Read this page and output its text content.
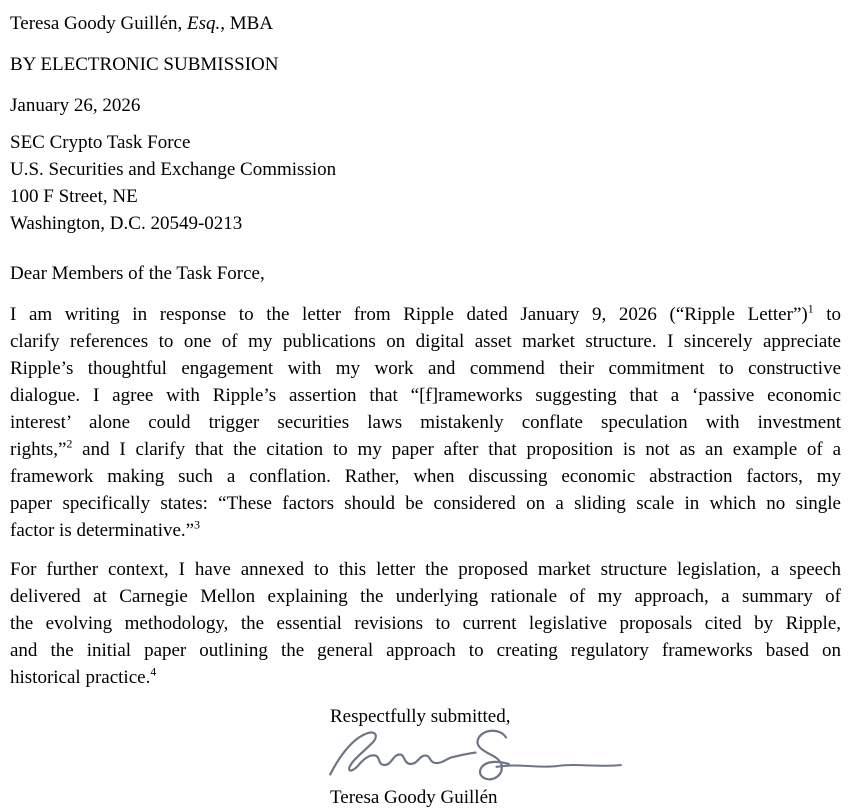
Teresa Goody Guillén, Esq., MBA
BY ELECTRONIC SUBMISSION
January 26, 2026
SEC Crypto Task Force
U.S. Securities and Exchange Commission
100 F Street, NE
Washington, D.C. 20549-0213
Dear Members of the Task Force,
I am writing in response to the letter from Ripple dated January 9, 2026 (“Ripple Letter”)$^1$ to
clarify references to one of my publications on digital asset market structure. I sincerely appreciate
Ripple’s thoughtful engagement with my work and commend their commitment to constructive
dialogue. I agree with Ripple’s assertion that “[f]rameworks suggesting that a ‘passive economic
interest’ alone could trigger securities laws mistakenly conflate speculation with investment
rights,”$^2$ and I clarify that the citation to my paper after that proposition is not as an example of a
framework making such a conflation. Rather, when discussing economic abstraction factors, my
paper specifically states: “These factors should be considered on a sliding scale in which no single
factor is determinative.”$^3$
For further context, I have annexed to this letter the proposed market structure legislation, a speech
delivered at Carnegie Mellon explaining the underlying rationale of my approach, a summary of
the evolving methodology, the essential revisions to current legislative proposals cited by Ripple,
and the initial paper outlining the general approach to creating regulatory frameworks based on
historical practice.$^4$
Respectfully submitted,
Teresa Goody Guillén
